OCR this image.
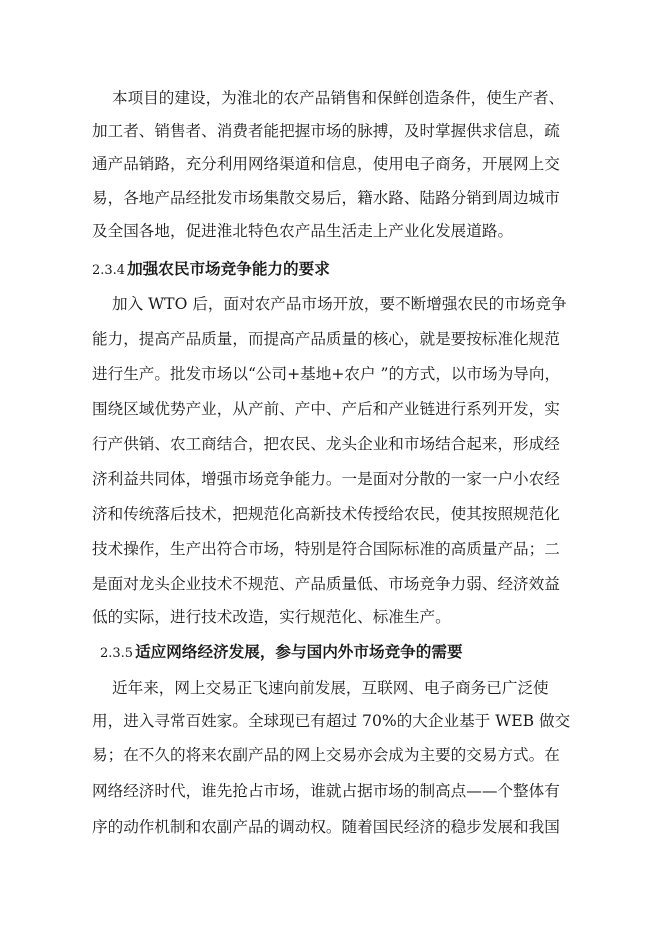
本项目的建设，为淮北的农产品销售和保鲜创造条件，使生产者、
加工者、销售者、消费者能把握市场的脉搏，及时掌握供求信息，疏
通产品销路，充分利用网络渠道和信息，使用电子商务，开展网上交
易，各地产品经批发市场集散交易后，籍水路、陆路分销到周边城市
及全国各地，促进淮北特色农产品生活走上产业化发展道路。
2.3.4 加强农民市场竞争能力的要求
加入 WTO 后，面对农产品市场开放，要不断增强农民的市场竞争
能力，提高产品质量，而提高产品质量的核心，就是要按标准化规范
进行生产。批发市场以“公司+基地+农户 ”的方式，以市场为导向，
围绕区域优势产业，从产前、产中、产后和产业链进行系列开发，实
行产供销、农工商结合，把农民、龙头企业和市场结合起来，形成经
济利益共同体，增强市场竞争能力。一是面对分散的一家一户小农经
济和传统落后技术，把规范化高新技术传授给农民，使其按照规范化
技术操作，生产出符合市场，特别是符合国际标准的高质量产品；二
是面对龙头企业技术不规范、产品质量低、市场竞争力弱、经济效益
低的实际，进行技术改造，实行规范化、标准生产。
2.3.5 适应网络经济发展，参与国内外市场竞争的需要
近年来，网上交易正飞速向前发展，互联网、电子商务已广泛使
用，进入寻常百姓家。全球现已有超过 70%的大企业基于 WEB 做交
易；在不久的将来农副产品的网上交易亦会成为主要的交易方式。在
网络经济时代，谁先抢占市场，谁就占据市场的制高点——个整体有
序的动作机制和农副产品的调动权。随着国民经济的稳步发展和我国
